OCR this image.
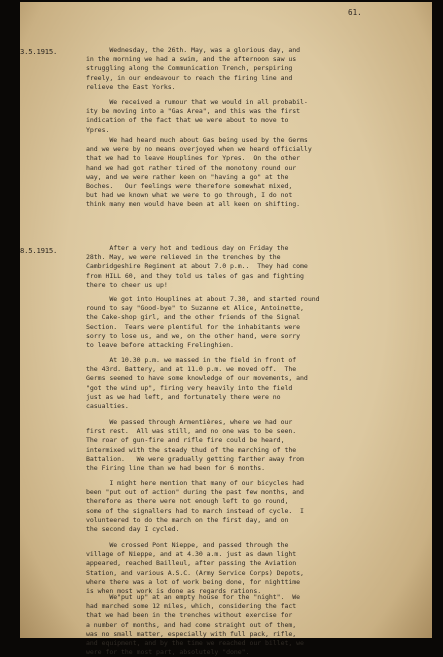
61.
3.5.1915.
8.5.1915.
Wednesday, the 26th. May, was a glorious day, and
in the morning we had a swim, and the afternoon saw us
struggling along the Communication Trench, perspiring
freely, in our endeavour to reach the firing line and
relieve the East Yorks.
We received a rumour that we would in all probabil-
ity be moving into a "Gas Area", and this was the first
indication of the fact that we were about to move to
Ypres.
We had heard much about Gas being used by the Germs
and we were by no means overjoyed when we heard officially
that we had to leave Houplines for Ypres.  On the other
hand we had got rather tired of the monotony round our
way, and we were rather keen on "having a go" at the
Boches.   Our feelings were therefore somewhat mixed,
but had we known what we were to go through, I do not
think many men would have been at all keen on shifting.
After a very hot and tedious day on Friday the
28th. May, we were relieved in the trenches by the
Cambridgeshire Regiment at about 7.0 p.m..  They had come
from HILL 60, and they told us tales of gas and fighting
there to cheer us up!
We got into Houplines at about 7.30, and started round
round to say "Good-bye" to Suzanne et Alice, Antoinette,
the Cake-shop girl, and the other friends of the Signal
Section.  Tears were plentiful for the inhabitants were
sorry to lose us, and we, on the other hand, were sorry
to leave before attacking Frelinghien.
At 10.30 p.m. we massed in the field in front of
the 43rd. Battery, and at 11.0 p.m. we moved off.  The
Germs seemed to have some knowledge of our movements, and
"got the wind up", firing very heavily into the field
just as we had left, and fortunately there were no
casualties.
We passed through Armentières, where we had our
first rest.  All was still, and no one was to be seen.
The roar of gun-fire and rifle fire could be heard,
intermixed with the steady thud of the marching of the
Battalion.   We were gradually getting farther away from
the Firing line than we had been for 6 months.
I might here mention that many of our bicycles had
been "put out of action" during the past few months, and
therefore as there were not enough left to go round,
some of the signallers had to march instead of cycle.  I
volunteered to do the march on the first day, and on
the second day I cycled.
We crossed Pont Nieppe, and passed through the
village of Nieppe, and at 4.30 a.m. just as dawn light
appeared, reached Bailleul, after passing the Aviation
Station, and various A.S.C. (Army Service Corps) Depots,
where there was a lot of work being done, for nighttime
is when most work is done as regards rations.
We"put up" at an empty house for the "night".  We
had marched some 12 miles, which, considering the fact
that we had been in the trenches without exercise for
a number of months, and had come straight out of them,
was no small matter, especially with full pack, rifle,
and equipment, and by the time we reached our billet, we
were for the most part, absolutely "done".
